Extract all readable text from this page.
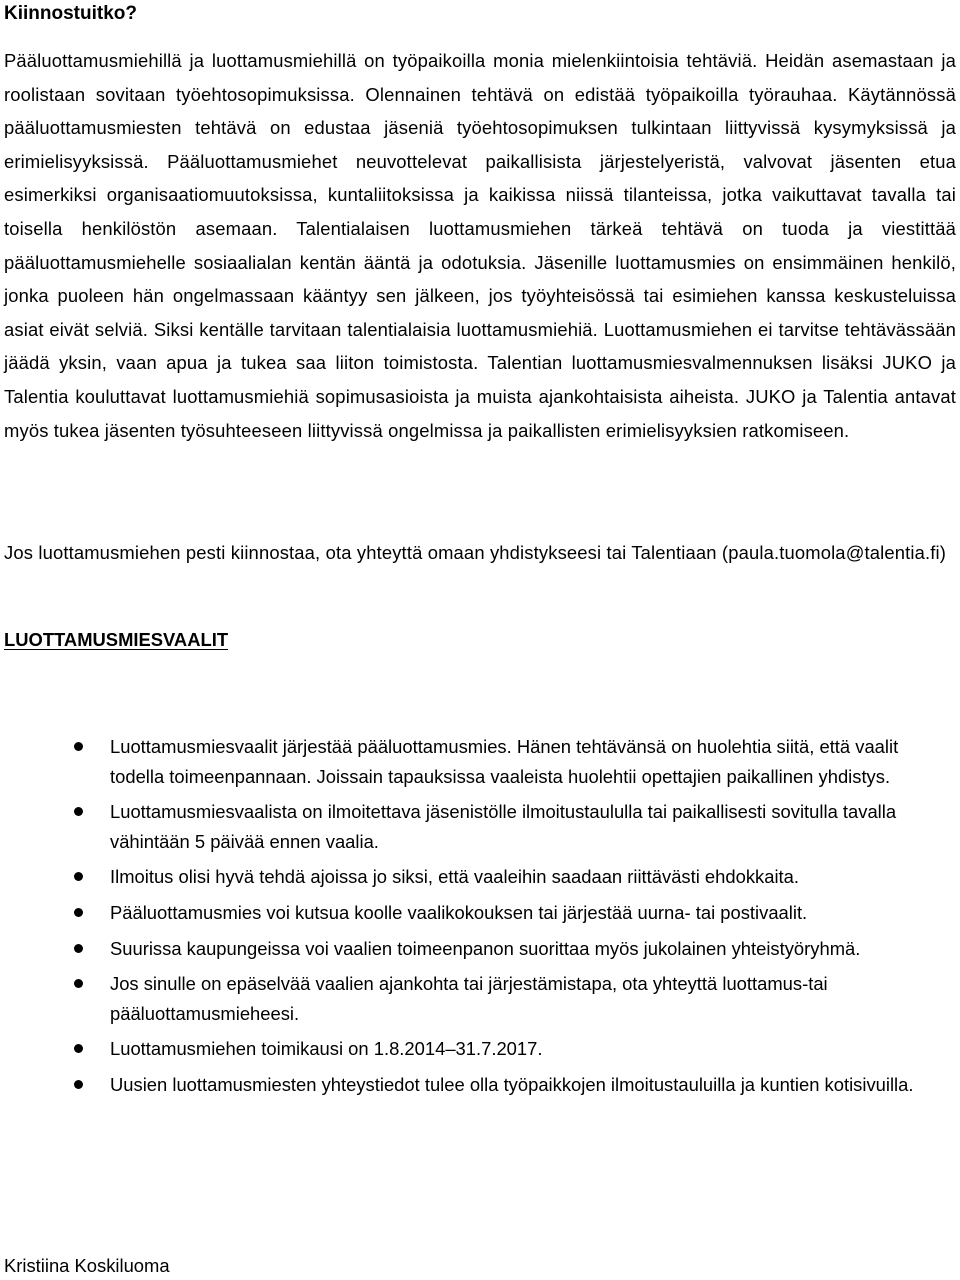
Kiinnostuitko?

Pääluottamusmiehillä ja luottamusmiehillä on työpaikoilla monia mielenkiintoisia tehtäviä. Heidän asemastaan ja roolistaan sovitaan työehtosopimuksissa. Olennainen tehtävä on edistää työpaikoilla työrauhaa. Käytännössä pääluottamusmiesten tehtävä on edustaa jäseniä työehtosopimuksen tulkintaan liittyvissä kysymyksissä ja erimielisyyksissä. Pääluottamusmiehet neuvottelevat paikallisista järjestelyeristä, valvovat jäsenten etua esimerkiksi organisaatiomuutoksissa, kuntaliitoksissa ja kaikissa niissä tilanteissa, jotka vaikuttavat tavalla tai toisella henkilöstön asemaan. Talentialaisen luottamusmiehen tärkeä tehtävä on tuoda ja viestittää pääluottamusmiehelle sosiaalialan kentän ääntä ja odotuksia. Jäsenille luottamusmies on ensimmäinen henkilö, jonka puoleen hän ongelmassaan kääntyy sen jälkeen, jos työyhteisössä tai esimiehen kanssa keskusteluissa asiat eivät selviä. Siksi kentälle tarvitaan talentialaisia luottamusmiehiä. Luottamusmiehen ei tarvitse tehtävässään jäädä yksin, vaan apua ja tukea saa liiton toimistosta. Talentian luottamusmiesvalmennuksen lisäksi JUKO ja Talentia kouluttavat luottamusmiehiä sopimusasioista ja muista ajankohtaisista aiheista. JUKO ja Talentia antavat myös tukea jäsenten työsuhteeseen liittyvissä ongelmissa ja paikallisten erimielisyyksien ratkomiseen.

Jos luottamusmiehen pesti kiinnostaa, ota yhteyttä omaan yhdistykseesi tai Talentiaan (paula.tuomola@talentia.fi)

LUOTTAMUSMIESVAALIT
Luottamusmiesvaalit järjestää pääluottamusmies. Hänen tehtävänsä on huolehtia siitä, että vaalit todella toimeenpannaan. Joissain tapauksissa vaaleista huolehtii opettajien paikallinen yhdistys.
Luottamusmiesvaalista on ilmoitettava jäsenistölle ilmoitustaululla tai paikallisesti sovitulla tavalla vähintään 5 päivää ennen vaalia.
Ilmoitus olisi hyvä tehdä ajoissa jo siksi, että vaaleihin saadaan riittävästi ehdokkaita.
Pääluottamusmies voi kutsua koolle vaalikokouksen tai järjestää uurna- tai postivaalit.
Suurissa kaupungeissa voi vaalien toimeenpanon suorittaa myös jukolainen yhteistyöryhmä.
Jos sinulle on epäselvää vaalien ajankohta tai järjestämistapa, ota yhteyttä luottamus-tai pääluottamusmieheesi.
Luottamusmiehen toimikausi on 1.8.2014–31.7.2017.
Uusien luottamusmiesten yhteystiedot tulee olla työpaikkojen ilmoitustauluilla ja kuntien kotisivuilla.

Kristiina Koskiluoma
